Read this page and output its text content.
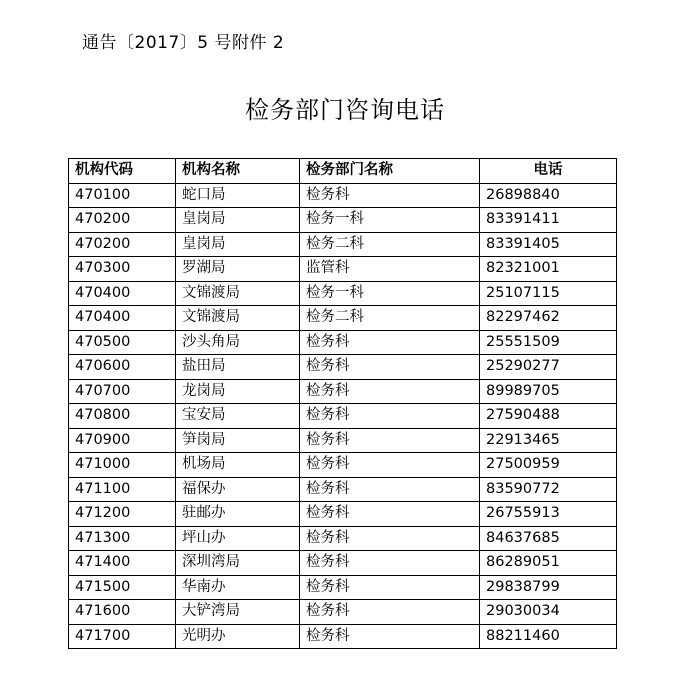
通告〔2017〕5 号附件 2
检务部门咨询电话
机构代码	机构名称	检务部门名称	电话
470100	蛇口局	检务科	26898840
470200	皇岗局	检务一科	83391411
470200	皇岗局	检务二科	83391405
470300	罗湖局	监管科	82321001
470400	文锦渡局	检务一科	25107115
470400	文锦渡局	检务二科	82297462
470500	沙头角局	检务科	25551509
470600	盐田局	检务科	25290277
470700	龙岗局	检务科	89989705
470800	宝安局	检务科	27590488
470900	笋岗局	检务科	22913465
471000	机场局	检务科	27500959
471100	福保办	检务科	83590772
471200	驻邮办	检务科	26755913
471300	坪山办	检务科	84637685
471400	深圳湾局	检务科	86289051
471500	华南办	检务科	29838799
471600	大铲湾局	检务科	29030034
471700	光明办	检务科	88211460
